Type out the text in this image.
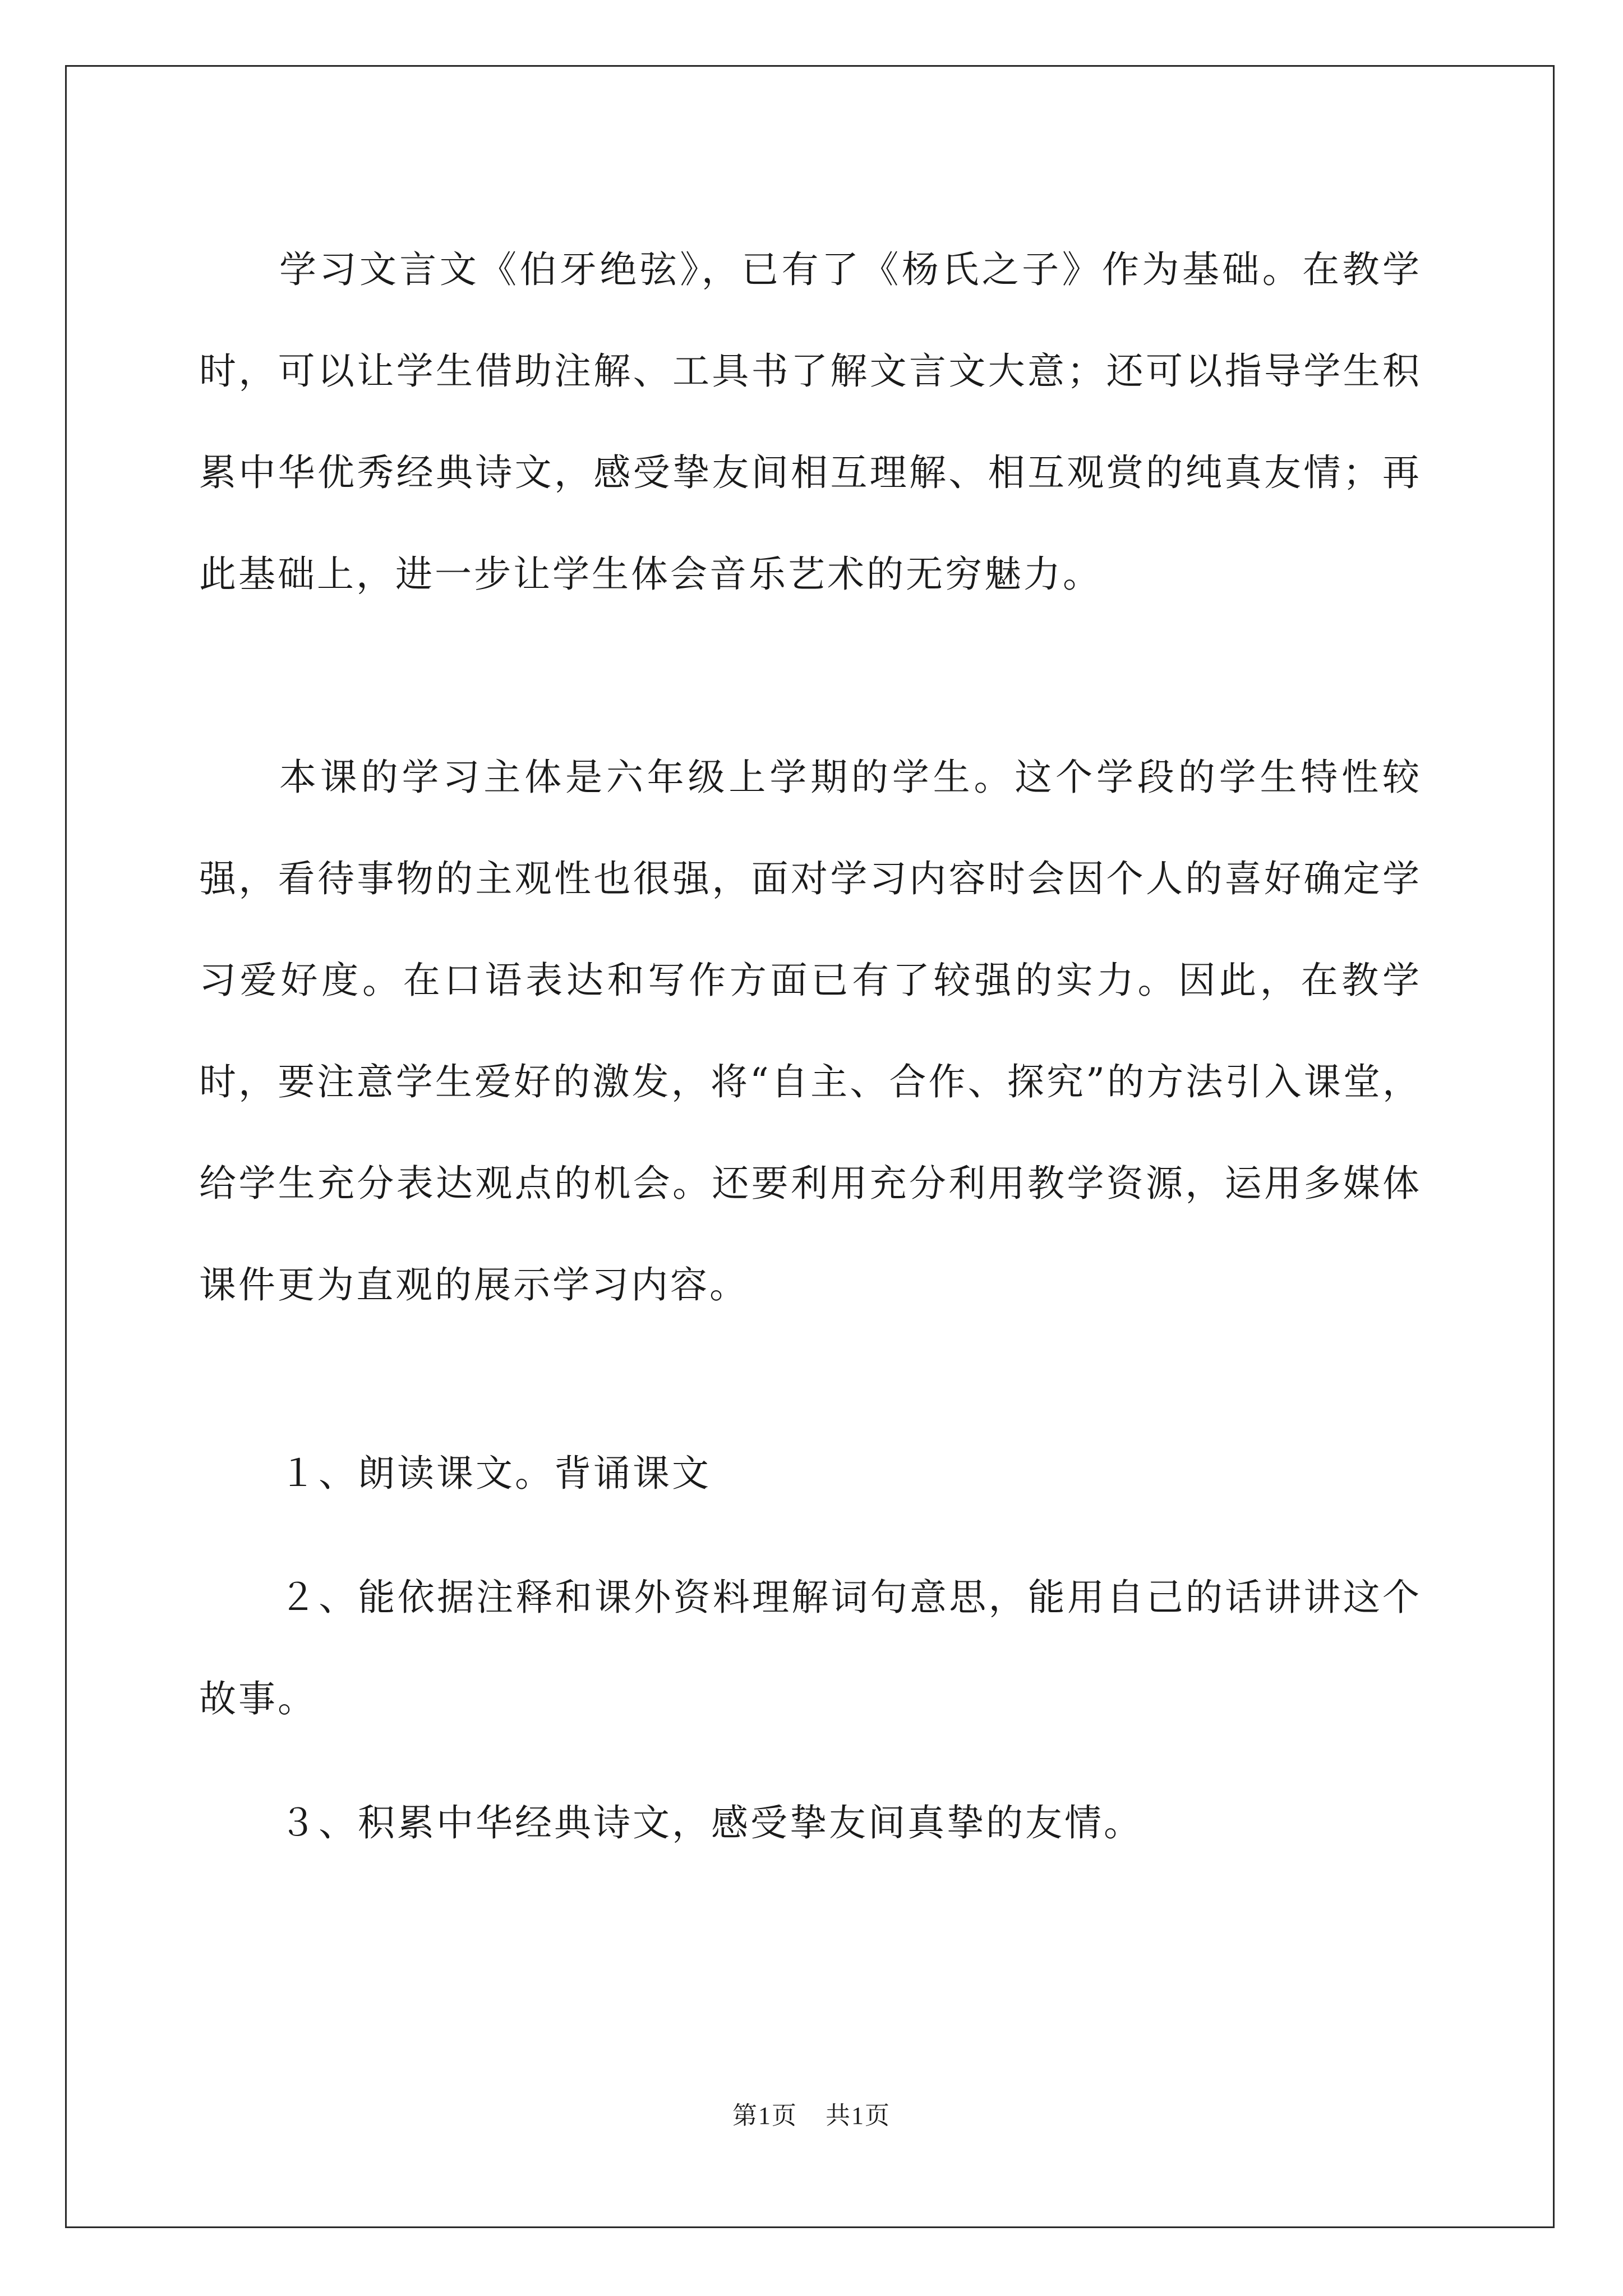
学习文言文《伯牙绝弦》，已有了《杨氏之子》作为基础。在教学时，可以让学生借助注解、工具书了解文言文大意；还可以指导学生积累中华优秀经典诗文，感受挚友间相互理解、相互观赏的纯真友情；再此基础上，进一步让学生体会音乐艺术的无穷魅力。

本课的学习主体是六年级上学期的学生。这个学段的学生特性较强，看待事物的主观性也很强，面对学习内容时会因个人的喜好确定学习爱好度。在口语表达和写作方面已有了较强的实力。因此，在教学时，要注意学生爱好的激发，将“自主、合作、探究”的方法引入课堂，给学生充分表达观点的机会。还要利用充分利用教学资源，运用多媒体课件更为直观的展示学习内容。

１、朗读课文。背诵课文

２、能依据注释和课外资料理解词句意思，能用自己的话讲讲这个故事。

３、积累中华经典诗文，感受挚友间真挚的友情。

第1页 共1页
